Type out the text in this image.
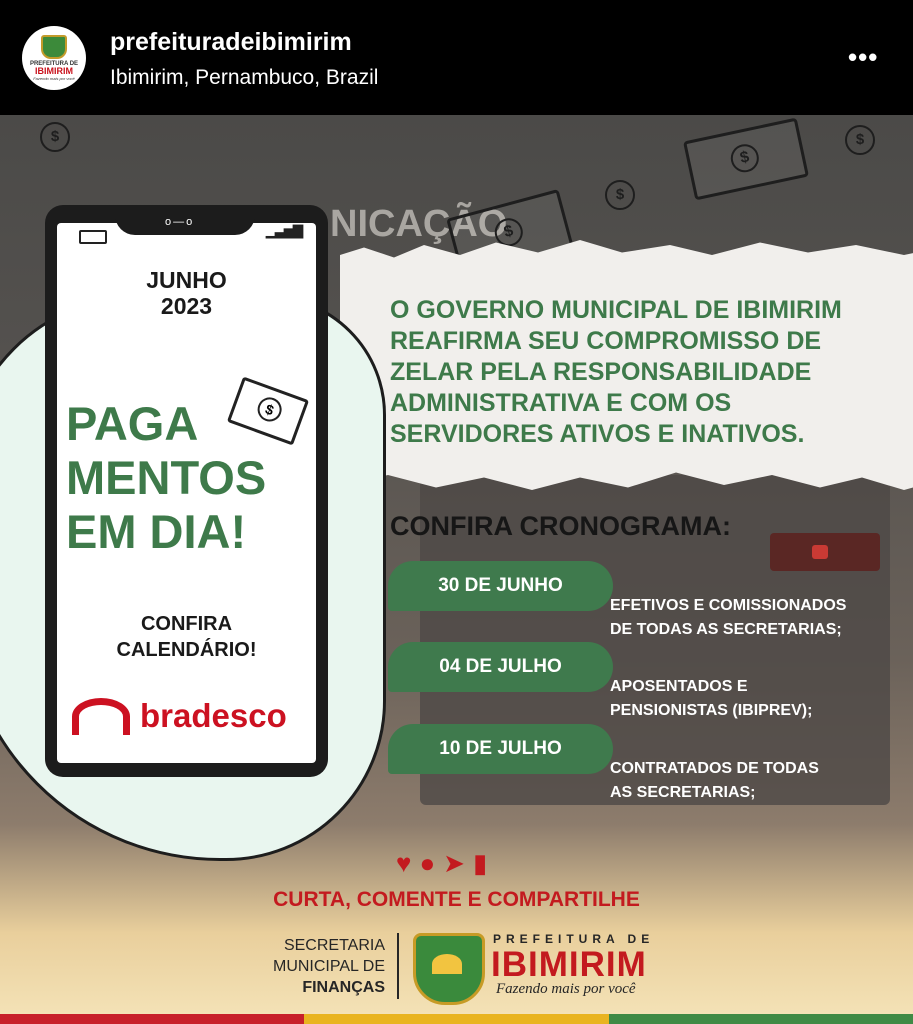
PREFEITURA DE
IBIMIRIM
Fazendo mais por você
prefeituradeibimirim
Ibimirim, Pernambuco, Brazil
•••
NICAÇÃO
$	$
$
$
$
O GOVERNO MUNICIPAL DE IBIMIRIM REAFIRMA SEU COMPROMISSO DE ZELAR PELA RESPONSABILIDADE ADMINISTRATIVA E COM OS SERVIDORES ATIVOS E INATIVOS.
CONFIRA CRONOGRAMA:
30 DE JUNHO
EFETIVOS E COMISSIONADOS
DE TODAS AS SECRETARIAS;
04 DE JULHO
APOSENTADOS E
PENSIONISTAS (IBIPREV);
10 DE JULHO
CONTRATADOS DE TODAS
AS SECRETARIAS;
o—o
▁▃▅▇
JUNHO
2023
$
PAGA
MENTOS
EM DIA!
CONFIRA
CALENDÁRIO!
bradesco
♥ ● ➤ ▮
CURTA, COMENTE E COMPARTILHE
SECRETARIA
MUNICIPAL DE
FINANÇAS
PREFEITURA DE
IBIMIRIM
Fazendo mais por você
